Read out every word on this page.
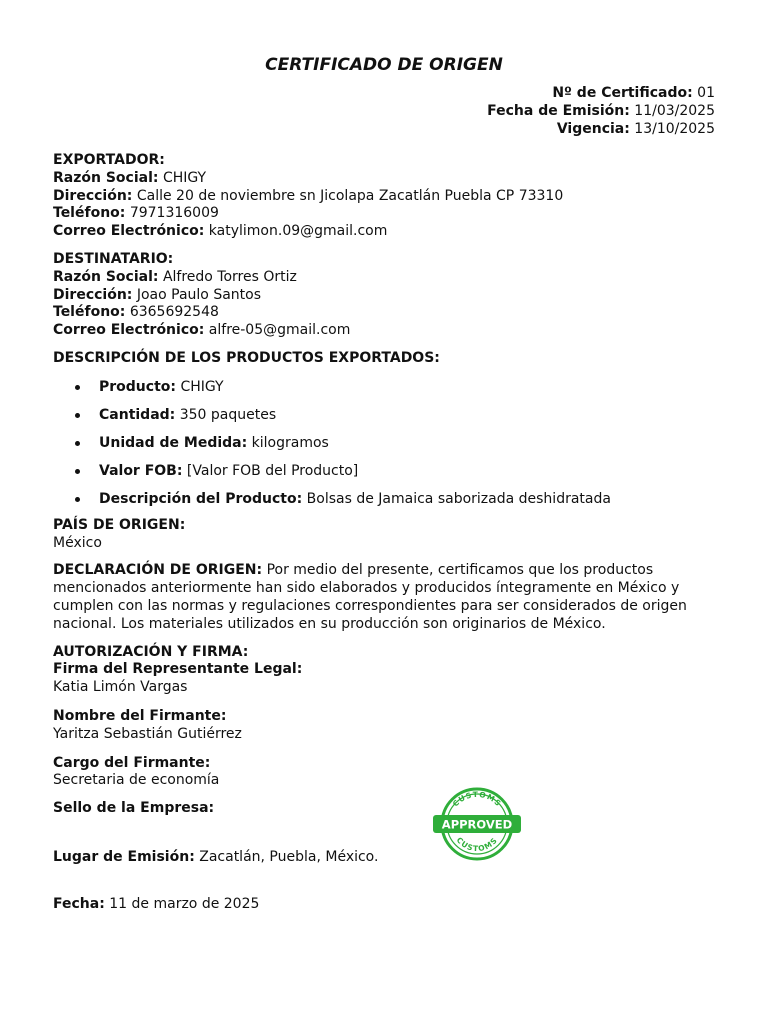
CERTIFICADO DE ORIGEN
Nº de Certificado: 01
Fecha de Emisión: 11/03/2025
Vigencia: 13/10/2025
EXPORTADOR:
Razón Social: CHIGY
Dirección: Calle 20 de noviembre sn Jicolapa Zacatlán Puebla CP 73310
Teléfono: 7971316009
Correo Electrónico: katylimon.09@gmail.com
DESTINATARIO:
Razón Social: Alfredo Torres Ortiz
Dirección: Joao Paulo Santos
Teléfono: 6365692548
Correo Electrónico: alfre-05@gmail.com
DESCRIPCIÓN DE LOS PRODUCTOS EXPORTADOS:
Producto: CHIGY
Cantidad: 350 paquetes
Unidad de Medida: kilogramos
Valor FOB: [Valor FOB del Producto]
Descripción del Producto: Bolsas de Jamaica saborizada deshidratada
PAÍS DE ORIGEN:
México
DECLARACIÓN DE ORIGEN: Por medio del presente, certificamos que los productos mencionados anteriormente han sido elaborados y producidos íntegramente en México y cumplen con las normas y regulaciones correspondientes para ser considerados de origen nacional. Los materiales utilizados en su producción son originarios de México.
AUTORIZACIÓN Y FIRMA:
Firma del Representante Legal:
Katia Limón Vargas
Nombre del Firmante:
Yaritza Sebastián Gutiérrez
Cargo del Firmante:
Secretaria de economía
Sello de la Empresa:
Lugar de Emisión: Zacatlán, Puebla, México.
Fecha: 11 de marzo de 2025
CUSTOMS
CUSTOMS
APPROVED
